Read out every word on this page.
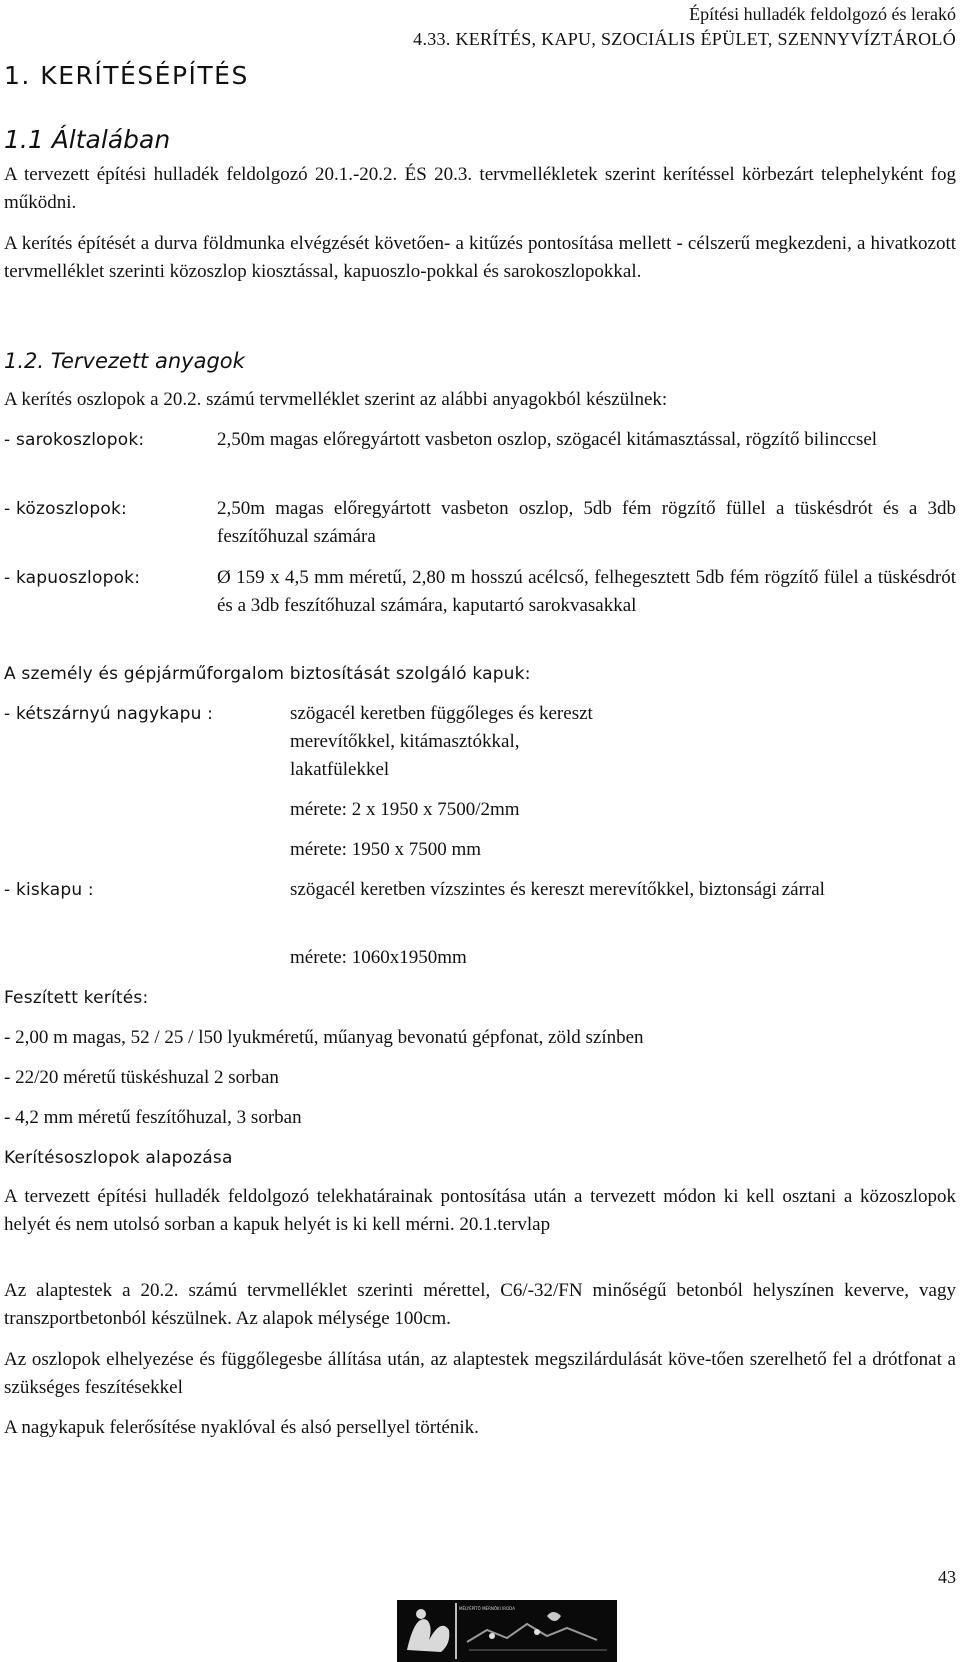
Építési hulladék feldolgozó és lerakó
4.33. KERÍTÉS, KAPU, SZOCIÁLIS ÉPÜLET, SZENNYVÍZTÁROLÓ
1. KERÍTÉSÉPÍTÉS
1.1 Általában
A tervezett építési hulladék feldolgozó 20.1.-20.2. ÉS 20.3. tervmellékletek szerint kerítéssel körbezárt telephelyként fog működni.
A kerítés építését a durva földmunka elvégzését követően- a kitűzés pontosítása mellett - célszerű megkezdeni, a hivatkozott tervmelléklet szerinti közoszlop kiosztással, kapuoszlo-pokkal és sarokoszlopokkal.
1.2. Tervezett anyagok
A kerítés oszlopok a 20.2. számú tervmelléklet szerint az alábbi anyagokból készülnek:
- sarokoszlopok:	2,50m magas előregyártott vasbeton oszlop, szögacél kitámasztással, rögzítő bilinccsel
- közoszlopok:	2,50m magas előregyártott vasbeton oszlop, 5db fém rögzítő füllel a tüskésdrót és a 3db feszítőhuzal számára
- kapuoszlopok:	Ø 159 x 4,5 mm méretű, 2,80 m hosszú acélcső, felhegesztett 5db fém rögzítő fülel a tüskésdrót és a 3db feszítőhuzal számára, kaputartó sarokvasakkal
A személy és gépjárműforgalom biztosítását szolgáló kapuk:
- kétszárnyú nagykapu :	szögacél keretben függőleges és kereszt
merevítőkkel, kitámasztókkal,
lakatfülekkel
mérete: 2 x 1950 x 7500/2mm
mérete: 1950 x 7500 mm
- kiskapu :	szögacél keretben vízszintes és kereszt merevítőkkel, biztonsági zárral
mérete: 1060x1950mm
Feszített kerítés:
- 2,00 m magas, 52 / 25 / l50 lyukméretű, műanyag bevonatú gépfonat, zöld színben
- 22/20 méretű tüskéshuzal 2 sorban
- 4,2 mm méretű feszítőhuzal, 3 sorban
Kerítésoszlopok alapozása
A tervezett építési hulladék feldolgozó telekhatárainak pontosítása után a tervezett módon ki kell osztani a közoszlopok helyét és nem utolsó sorban a kapuk helyét is ki kell mérni. 20.1.tervlap
Az alaptestek a 20.2. számú tervmelléklet szerinti mérettel, C6/-32/FN minőségű betonból helyszínen keverve, vagy transzportbetonból készülnek. Az alapok mélysége 100cm.
Az oszlopok elhelyezése és függőlegesbe állítása után, az alaptestek megszilárdulását köve-tően szerelhető fel a drótfonat a szükséges feszítésekkel
A nagykapuk felerősítése nyaklóval és alsó persellyel történik.
43
MÉLYÉPÍTŐ MÉRNÖKI IRODA
